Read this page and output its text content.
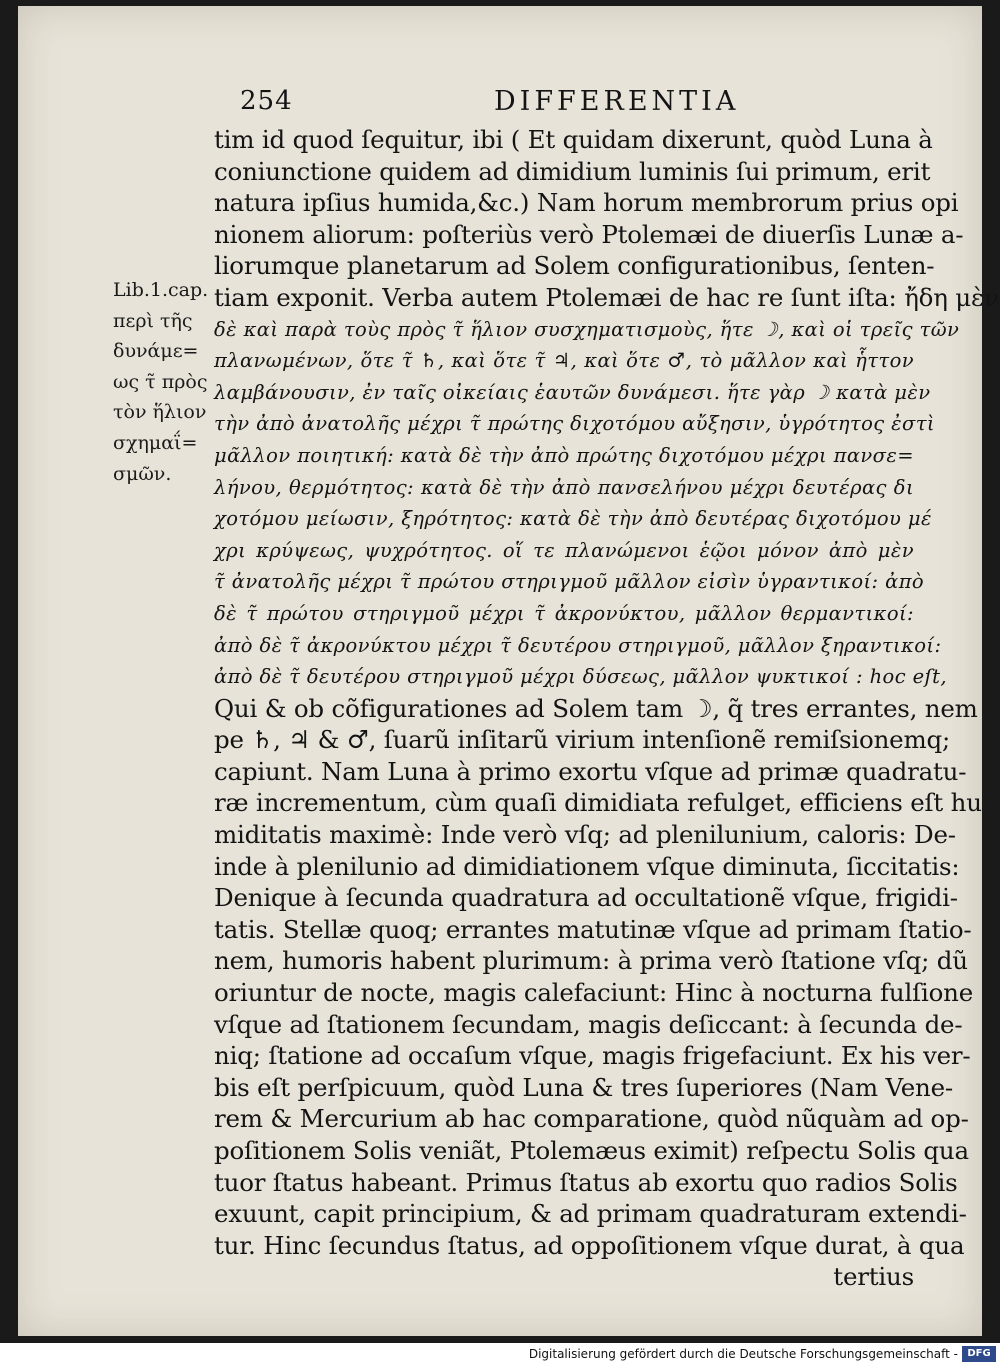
254	DIFFERENTIA
Lib.1.cap.
περὶ τῆς
δυνάμε=
ως τ̃ πρὸς
τὸν ἥλιον
σχημαΐ=
σμῶν.
tim id quod ſequitur, ibi ( Et quidam dixerunt, quòd Luna à
coniunctione quidem ad dimidium luminis ſui primum, erit
natura ipſius humida,&c.) Nam horum membrorum prius opi
nionem aliorum: poſteriùs verò Ptolemæi de diuerſis Lunæ a-
liorumque planetarum ad Solem configurationibus, ſenten-
tiam exponit. Verba autem Ptolemæi de hac re ſunt iſta: ἤδη μὲν
δὲ καὶ παρὰ τοὺς πρὸς τ̃ ἥλιον συσχηματισμοὺς, ἥτε ☽, καὶ οἱ τρεῖς τῶν
πλανωμένων, ὅτε τ̃ ♄, καὶ ὅτε τ̃ ♃, καὶ ὅτε ♂, τὸ μᾶλλον καὶ ἧττον
λαμβάνουσιν, ἐν ταῖς οἰκείαις ἑαυτῶν δυνάμεσι. ἥτε γὰρ ☽ κατὰ μὲν
τὴν ἀπὸ ἀνατολῆς μέχρι τ̃ πρώτης διχοτόμου αὔξησιν, ὑγρότητος ἐστὶ
μᾶλλον ποιητική: κατὰ δὲ τὴν ἀπὸ πρώτης διχοτόμου μέχρι πανσε=
λήνου, θερμότητος: κατὰ δὲ τὴν ἀπὸ πανσελήνου μέχρι δευτέρας δι
χοτόμου μείωσιν, ξηρότητος: κατὰ δὲ τὴν ἀπὸ δευτέρας διχοτόμου μέ
χρι κρύψεως, ψυχρότητος. οἵ τε πλανώμενοι ἑῷοι μόνον ἀπὸ μὲν
τ̃ ἀνατολῆς μέχρι τ̃ πρώτου στηριγμοῦ μᾶλλον εἰσὶν ὑγραντικοί: ἀπὸ
δὲ τ̃ πρώτου στηριγμοῦ μέχρι τ̃ ἀκρονύκτου, μᾶλλον θερμαντικοί:
ἀπὸ δὲ τ̃ ἀκρονύκτου μέχρι τ̃ δευτέρου στηριγμοῦ, μᾶλλον ξηραντικοί:
ἀπὸ δὲ τ̃ δευτέρου στηριγμοῦ μέχρι δύσεως, μᾶλλον ψυκτικοί : hoc eſt,
Qui & ob cõfigurationes ad Solem tam ☽, q̃ tres errantes, nem
pe ♄, ♃ & ♂, ſuarũ inſitarũ virium intenſionẽ remiſsionemq;
capiunt. Nam Luna à primo exortu vſque ad primæ quadratu-
ræ incrementum, cùm quaſi dimidiata refulget, efficiens eſt hu
miditatis maximè: Inde verò vſq; ad plenilunium, caloris: De-
inde à plenilunio ad dimidiationem vſque diminuta, ſiccitatis:
Denique à ſecunda quadratura ad occultationẽ vſque, frigidi-
tatis. Stellæ quoq; errantes matutinæ vſque ad primam ſtatio-
nem, humoris habent plurimum: à prima verò ſtatione vſq; dũ
oriuntur de nocte, magis calefaciunt: Hinc à nocturna fulſione
vſque ad ſtationem ſecundam, magis deſiccant: à ſecunda de-
niq; ſtatione ad occaſum vſque, magis frigefaciunt. Ex his ver-
bis eſt perſpicuum, quòd Luna & tres ſuperiores (Nam Vene-
rem & Mercurium ab hac comparatione, quòd nũquàm ad op-
poſitionem Solis veniãt, Ptolemæus eximit) reſpectu Solis qua
tuor ſtatus habeant. Primus ſtatus ab exortu quo radios Solis
exuunt, capit principium, & ad primam quadraturam extendi-
tur. Hinc ſecundus ſtatus, ad oppoſitionem vſque durat, à qua
tertius
Digitalisierung gefördert durch die Deutsche Forschungsgemeinschaft - DFG
